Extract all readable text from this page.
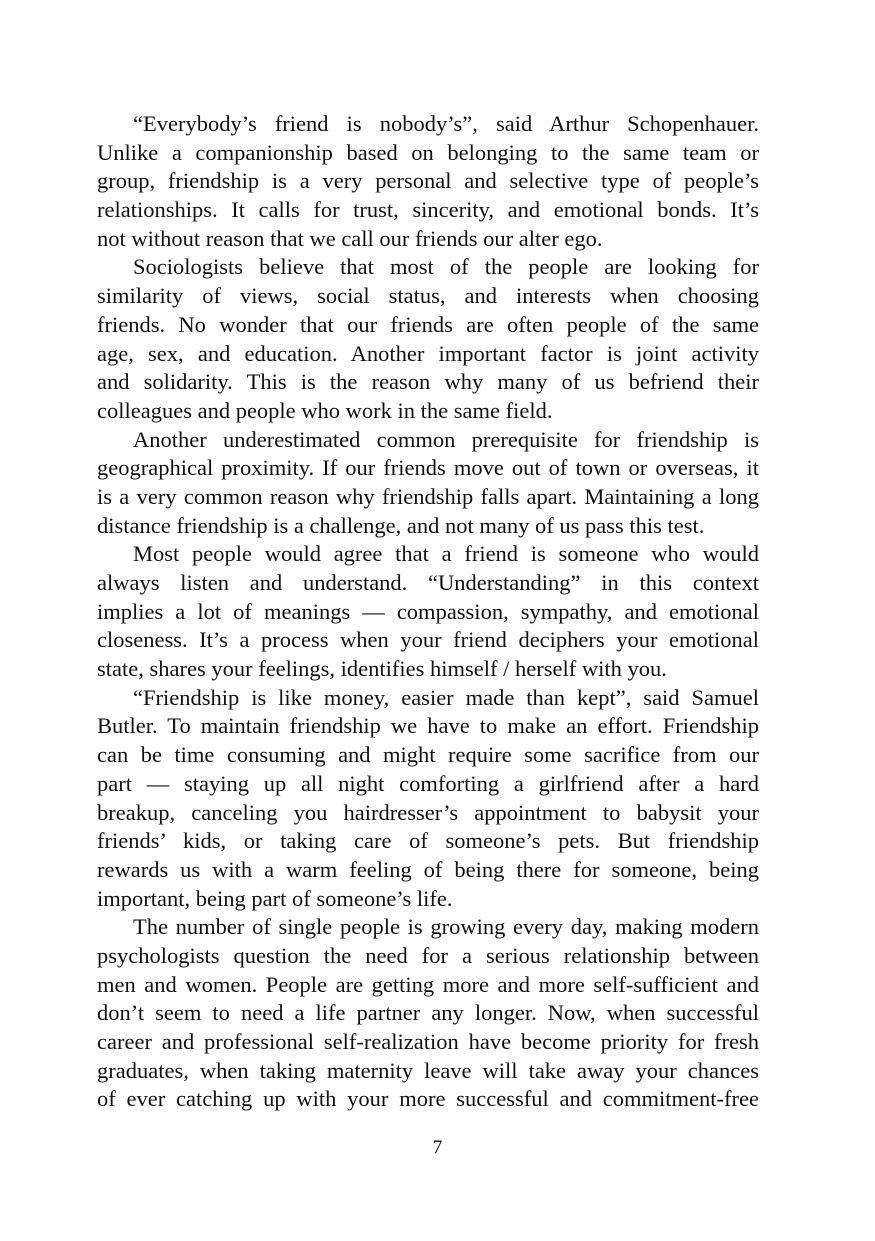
“Everybody’s friend is nobody’s”, said Arthur Schopenhauer.
Unlike a companionship based on belonging to the same team or
group, friendship is a very personal and selective type of people’s
relationships. It calls for trust, sincerity, and emotional bonds. It’s
not without reason that we call our friends our alter ego.

Sociologists believe that most of the people are looking for
similarity of views, social status, and interests when choosing
friends. No wonder that our friends are often people of the same
age, sex, and education. Another important factor is joint activity
and solidarity. This is the reason why many of us befriend their
colleagues and people who work in the same field.

Another underestimated common prerequisite for friendship is
geographical proximity. If our friends move out of town or overseas, it
is a very common reason why friendship falls apart. Maintaining a long
distance friendship is a challenge, and not many of us pass this test.

Most people would agree that a friend is someone who would
always listen and understand. “Understanding” in this context
implies a lot of meanings — compassion, sympathy, and emotional
closeness. It’s a process when your friend deciphers your emotional
state, shares your feelings, identifies himself / herself with you.

“Friendship is like money, easier made than kept”, said Samuel
Butler. To maintain friendship we have to make an effort. Friendship
can be time consuming and might require some sacrifice from our
part — staying up all night comforting a girlfriend after a hard
breakup, canceling you hairdresser’s appointment to babysit your
friends’ kids, or taking care of someone’s pets. But friendship
rewards us with a warm feeling of being there for someone, being
important, being part of someone’s life.

The number of single people is growing every day, making modern
psychologists question the need for a serious relationship between
men and women. People are getting more and more self-sufficient and
don’t seem to need a life partner any longer. Now, when successful
career and professional self-realization have become priority for fresh
graduates, when taking maternity leave will take away your chances
of ever catching up with your more successful and commitment-free

7
